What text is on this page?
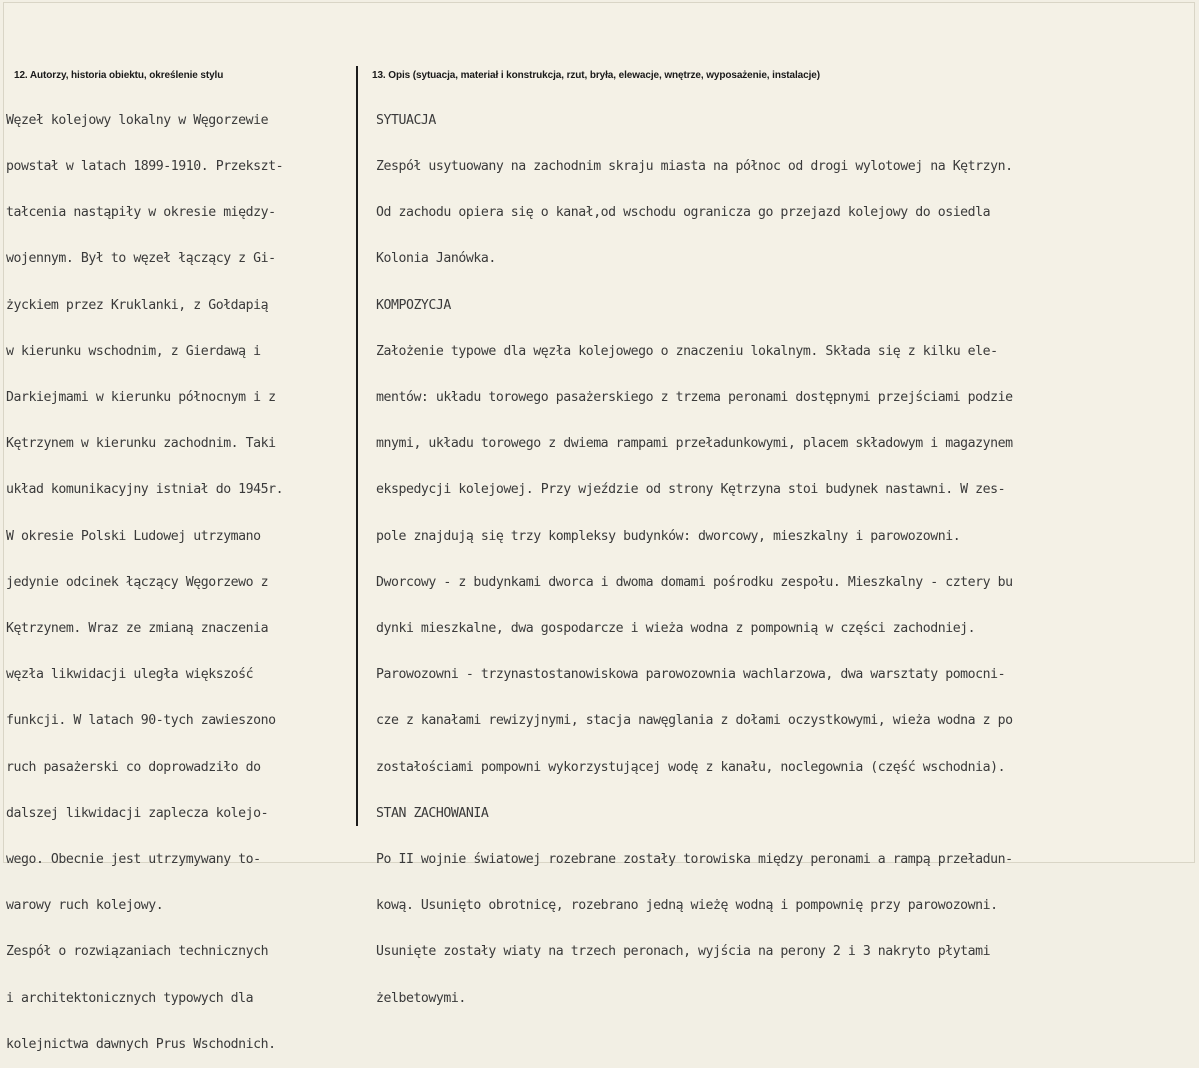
12. Autorzy, historia obiektu, określenie stylu	13. Opis (sytuacja, materiał i konstrukcja, rzut, bryła, elewacje, wnętrze, wyposażenie, instalacje)

Węzeł kolejowy lokalny w Węgorzewie

powstał w latach 1899-1910. Przekszt-

tałcenia nastąpiły w okresie między-

wojennym. Był to węzeł łączący z Gi-

życkiem przez Kruklanki, z Gołdapią

w kierunku wschodnim, z Gierdawą i

Darkiejmami w kierunku północnym i z

Kętrzynem w kierunku zachodnim. Taki

układ komunikacyjny istniał do 1945r.

W okresie Polski Ludowej utrzymano

jedynie odcinek łączący Węgorzewo z

Kętrzynem. Wraz ze zmianą znaczenia

węzła likwidacji uległa większość

funkcji. W latach 90-tych zawieszono

ruch pasażerski co doprowadziło do

dalszej likwidacji zaplecza kolejo-

wego. Obecnie jest utrzymywany to-

warowy ruch kolejowy.

Zespół o rozwiązaniach technicznych

i architektonicznych typowych dla

kolejnictwa dawnych Prus Wschodnich.

SYTUACJA

Zespół usytuowany na zachodnim skraju miasta na północ od drogi wylotowej na Kętrzyn.

Od zachodu opiera się o kanał,od wschodu ogranicza go przejazd kolejowy do osiedla

Kolonia Janówka.

KOMPOZYCJA

Założenie typowe dla węzła kolejowego o znaczeniu lokalnym. Składa się z kilku ele-

mentów: układu torowego pasażerskiego z trzema peronami dostępnymi przejściami podzie

mnymi, układu torowego z dwiema rampami przeładunkowymi, placem składowym i magazynem

ekspedycji kolejowej. Przy wjeździe od strony Kętrzyna stoi budynek nastawni. W zes-

pole znajdują się trzy kompleksy budynków: dworcowy, mieszkalny i parowozowni.

Dworcowy - z budynkami dworca i dwoma domami pośrodku zespołu. Mieszkalny - cztery bu

dynki mieszkalne, dwa gospodarcze i wieża wodna z pompownią w części zachodniej.

Parowozowni - trzynastostanowiskowa parowozownia wachlarzowa, dwa warsztaty pomocni-

cze z kanałami rewizyjnymi, stacja nawęglania z dołami oczystkowymi, wieża wodna z po

zostałościami pompowni wykorzystującej wodę z kanału, noclegownia (część wschodnia).

STAN ZACHOWANIA

Po II wojnie światowej rozebrane zostały torowiska między peronami a rampą przeładun-

kową. Usunięto obrotnicę, rozebrano jedną wieżę wodną i pompownię przy parowozowni.

Usunięte zostały wiaty na trzech peronach, wyjścia na perony 2 i 3 nakryto płytami

żelbetowymi.
